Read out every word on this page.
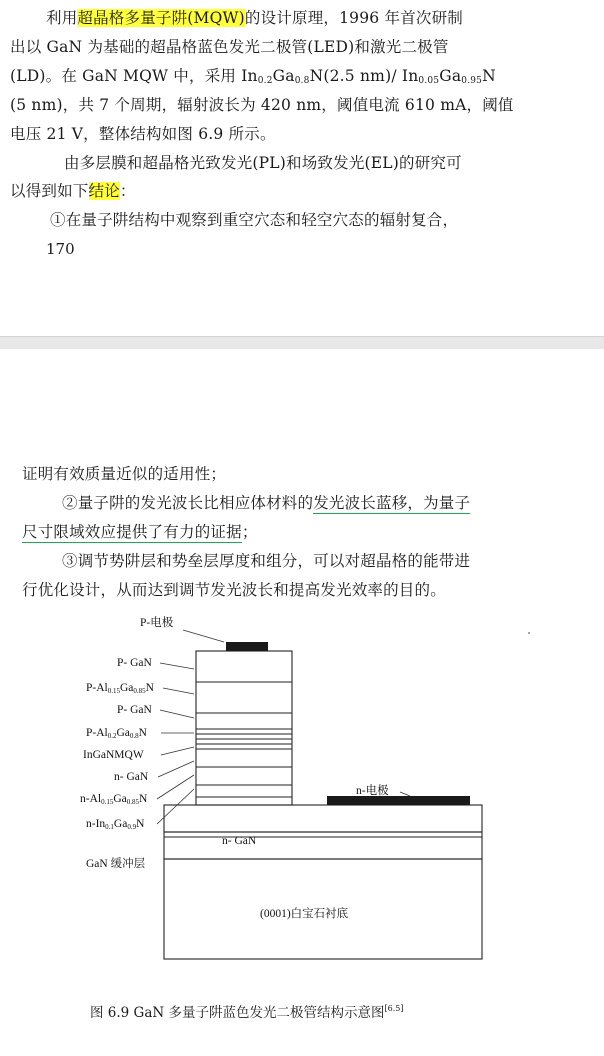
利用超晶格多量子阱(MQW)的设计原理，1996 年首次研制
出以 GaN 为基础的超晶格蓝色发光二极管(LED)和激光二极管
(LD)。在 GaN MQW 中，采用 $In_{0.2}Ga_{0.8}N(2.5$ nm)/ $In_{0.05}Ga_{0.95}N$
(5 nm)，共 7 个周期，辐射波长为 420 nm，阈值电流 610 mA，阈值
电压 21 V，整体结构如图 6.9 所示。
由多层膜和超晶格光致发光(PL)和场致发光(EL)的研究可
以得到如下结论：
①在量子阱结构中观察到重空穴态和轻空穴态的辐射复合，
170
证明有效质量近似的适用性；
②量子阱的发光波长比相应体材料的发光波长蓝移，为量子
尺寸限域效应提供了有力的证据；
③调节势阱层和势垒层厚度和组分，可以对超晶格的能带进
行优化设计，从而达到调节发光波长和提高发光效率的目的。
P-电极
P- GaN
P-Al0.15Ga0.85N
P- GaN
P-Al0.2Ga0.8N
InGaNMQW
n- GaN
n-Al0.15Ga0.85N
n-In0.1Ga0.9N
n-电极
n- GaN
GaN 缓冲层
(0001)白宝石衬底
图 6.9 GaN 多量子阱蓝色发光二极管结构示意图[6.5]
